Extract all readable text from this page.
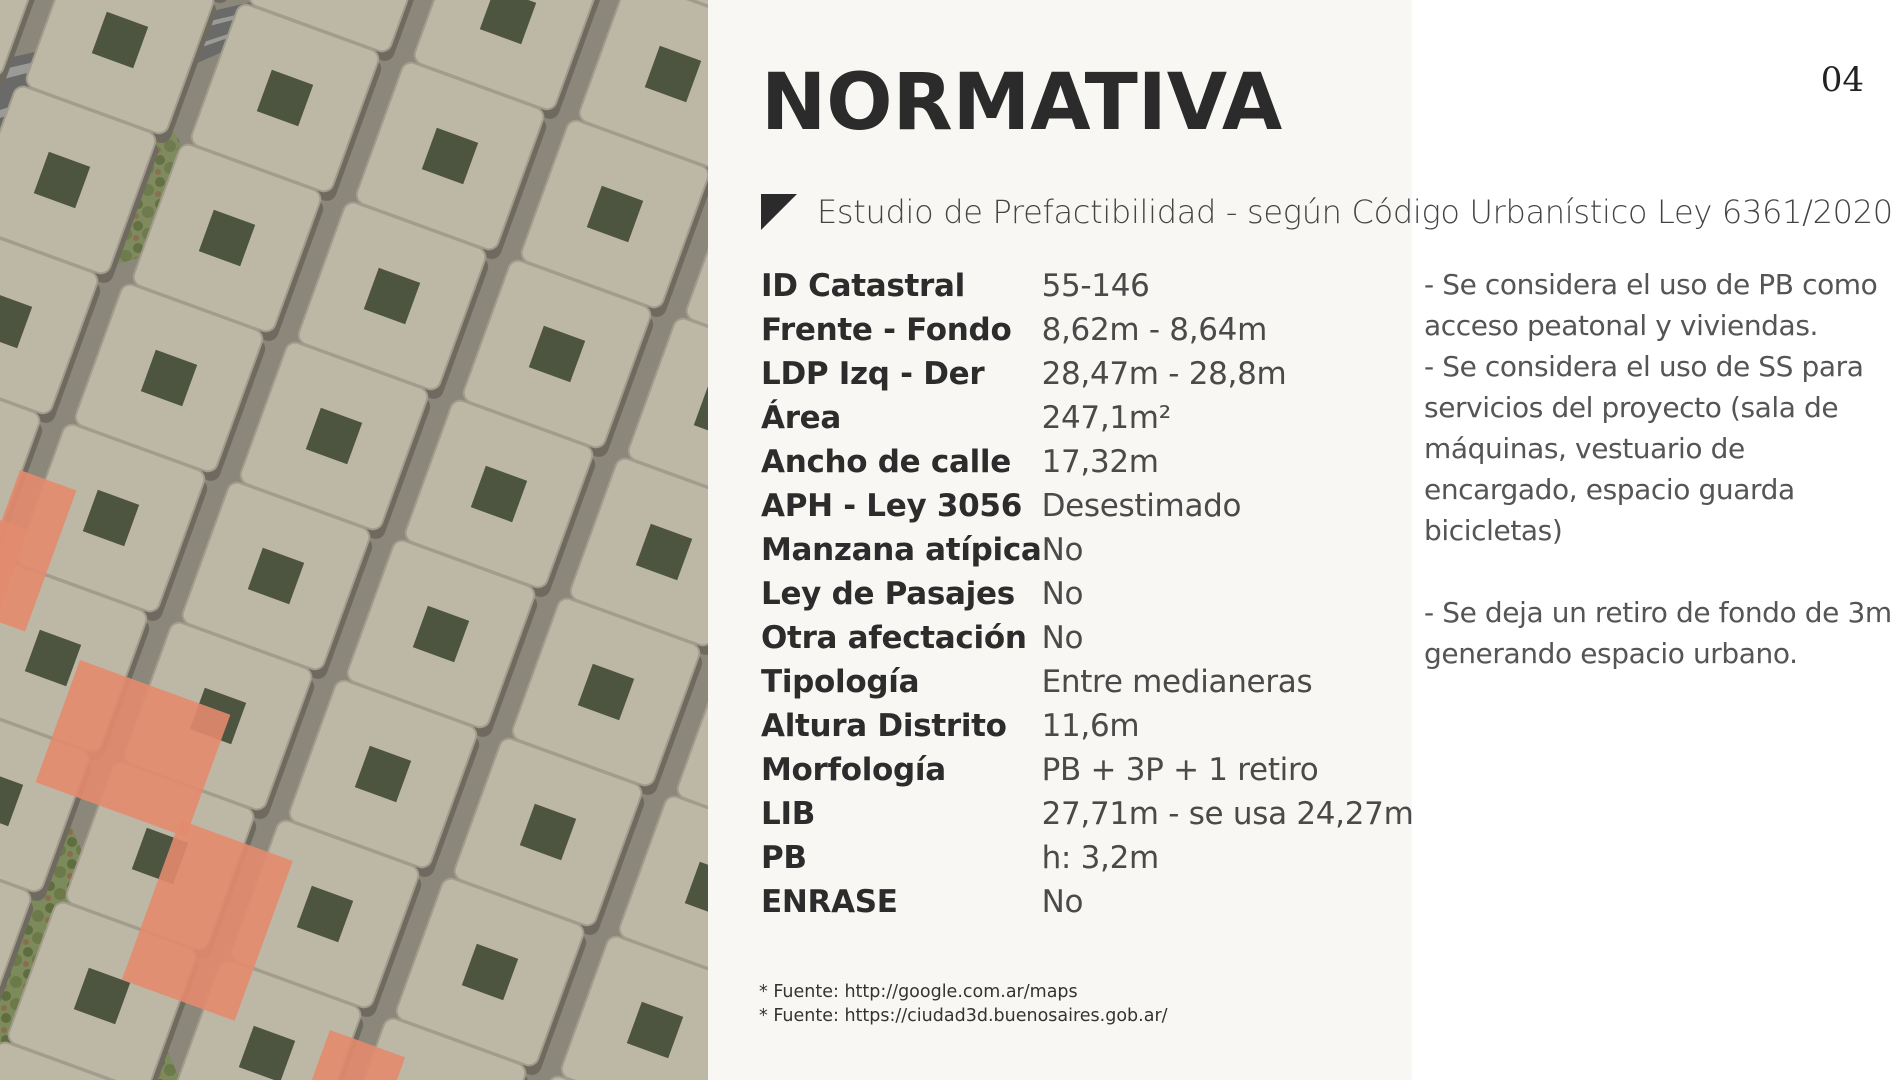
04
NORMATIVA
Estudio de Prefactibilidad - según Código Urbanístico Ley 6361/2020
ID Catastral	55-146
Frente - Fondo	8,62m - 8,64m
LDP Izq - Der	28,47m - 28,8m
Área	247,1m²
Ancho de calle	17,32m
APH - Ley 3056	Desestimado
Manzana atípica	No
Ley de Pasajes	No
Otra afectación	No
Tipología	Entre medianeras
Altura Distrito	11,6m
Morfología	PB + 3P + 1 retiro
LIB	27,71m - se usa 24,27m
PB	h: 3,2m
ENRASE	No

- Se considera el uso de PB como acceso peatonal y viviendas.

- Se considera el uso de SS para servicios del proyecto (sala de máquinas, vestuario de encargado, espacio guarda bicicletas)

- Se deja un retiro de fondo de 3m generando espacio urbano.

* Fuente: http://google.com.ar/maps
* Fuente: https://ciudad3d.buenosaires.gob.ar/
